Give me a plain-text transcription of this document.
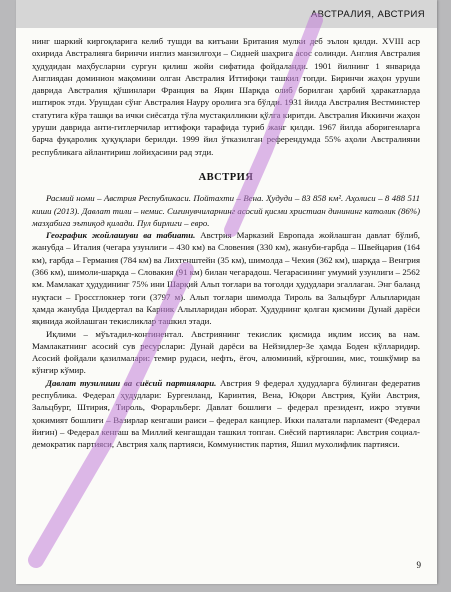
АВСТРАЛИЯ, АВСТРИЯ

нинг шаркий киргоқларига келиб тушди ва китъани Британия мулки деб эълон қилди. XVIII аср охирида Австралияга биринчи инглиз манзилгоҳи – Сидней шаҳрига асос солинди. Англия Австралия ҳудудидан маҳбусларни сургун қилиш жойи сифатида фойдаланди. 1901 йилнинг 1 январида Англиядан доминион мақомини олган Австралия Иттифоқи ташкил топди. Биринчи жаҳон уруши даврида Австралия қўшинлари Франция ва Яқин Шарқда олиб борилган ҳарбий ҳаракатларда иштирок этди. Урушдан сўнг Австралия Науру оролига эга бўлди. 1931 йилда Австралия Вестминстер статутига кўра ташқи ва ички сиёсатда тўла мустақилликни қўлга киритди. Австралия Иккинчи жаҳон уруши даврида анти-гитлерчилар иттифоқи тарафида туриб жанг қилди. 1967 йилда аборигенларга барча фуқаролик ҳуқуқлари берилди. 1999 йил ўтказилган референдумда 55% аҳоли Австралияни республикага айлантириш лойиҳасини рад этди.

АВСТРИЯ

Расмий номи – Австрия Республикаси. Пойтахти – Вена. Ҳудуди – 83 858 км². Аҳолиси – 8 488 511 киши (2013). Давлат тили – немис. Сиғинувчиларнинг асосий қисми христиан динининг католик (86%) мазҳабига эътиқод қилади. Пул бирлиги – евро.

Географик жойлашуви ва табиати. Австрия Марказий Европада жойлашган давлат бўлиб, жанубда – Италия (чегара узунлиги – 430 км) ва Словения (330 км), жануби-ғарбда – Швейцария (164 км), ғарбда – Германия (784 км) ва Лихтенштейн (35 км), шимолда – Чехия (362 км), шарқда – Венгрия (366 км), шимоли-шарқда – Словакия (91 км) билан чегарадош. Чегарасининг умумий узунлиги – 2562 км. Мамлакат ҳудудининг 75% ини Шарқий Альп тоғлари ва тоғолди ҳудудлари эгаллаган. Энг баланд нуқтаси – Гроссглокнер тоғи (3797 м). Альп тоғлари шимолда Тироль ва Зальцбург Альпларидан ҳамда жанубда Цилдертал ва Карник Альпларидан иборат. Ҳудуднинг қолган қисмини Дунай дарёси яқинида жойлашган текисликлар ташкил этади.

Иқлими – мўътадил-континентал. Австриянинг текислик қисмида иқлим иссиқ ва нам. Мамлакатнинг асосий сув ресурслари: Дунай дарёси ва Нейзидлер-Зе ҳамда Боден кўлларидир. Асосий фойдали қазилмалари: темир рудаси, нефть, ёғоч, алюминий, кўргошин, мис, тошкўмир ва кўнғир кўмир.

Давлат тузилиши ва сиёсий партиялари. Австрия 9 федерал ҳудудларга бўлинган федератив республика. Федерал ҳудудлари: Бургенланд, Каринтия, Вена, Юқори Австрия, Қуйи Австрия, Зальцбург, Штирия, Тироль, Форарльберг. Давлат бошлиғи – федерал президент, ижро этувчи ҳокимият бошлиғи – Вазирлар кенгаши раиси – федерал канцлер. Икки палатали парламент (Федерал йиғин) – Федерал кенгаш ва Миллий кенгашдан ташкил топган. Сиёсий партиялари: Австрия социал-демократик партияси, Австрия халқ партияси, Коммунистик партия, Яшил мухолифлик партияси.

9
